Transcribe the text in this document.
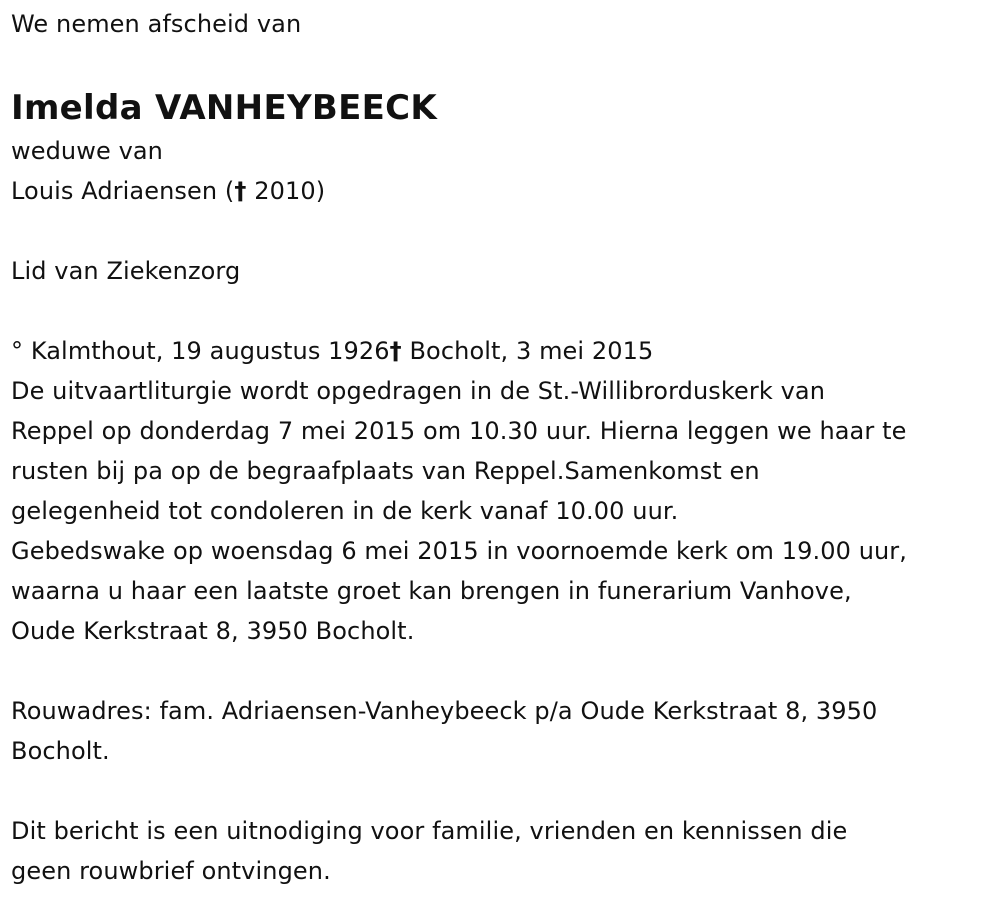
We nemen afscheid van
Imelda VANHEYBEECK
weduwe van
Louis Adriaensen († 2010)
Lid van Ziekenzorg
° Kalmthout, 19 augustus 1926† Bocholt, 3 mei 2015
De uitvaartliturgie wordt opgedragen in de St.-Willibrorduskerk van
Reppel op donderdag 7 mei 2015 om 10.30 uur. Hierna leggen we haar te
rusten bij pa op de begraafplaats van Reppel.Samenkomst en
gelegenheid tot condoleren in de kerk vanaf 10.00 uur.
Gebedswake op woensdag 6 mei 2015 in voornoemde kerk om 19.00 uur,
waarna u haar een laatste groet kan brengen in funerarium Vanhove,
Oude Kerkstraat 8, 3950 Bocholt.
Rouwadres: fam. Adriaensen-Vanheybeeck p/a Oude Kerkstraat 8, 3950
Bocholt.
Dit bericht is een uitnodiging voor familie, vrienden en kennissen die
geen rouwbrief ontvingen.
